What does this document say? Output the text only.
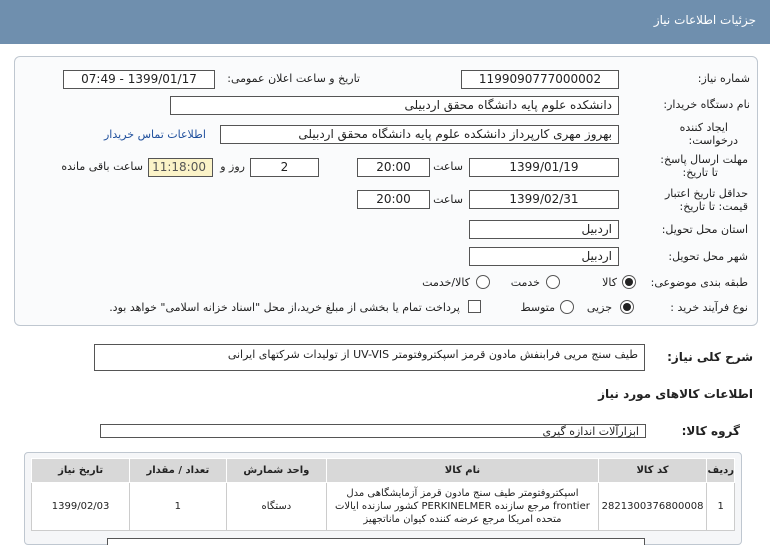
جزئیات اطلاعات نیاز
شماره نیاز:
1199090777000002
تاریخ و ساعت اعلان عمومی:
1399/01/17 - 07:49
نام دستگاه خریدار:
دانشکده علوم پایه دانشگاه محقق اردبیلی
ایجاد کننده
درخواست:
بهروز مهری کارپرداز دانشکده علوم پایه دانشگاه محقق اردبیلی
اطلاعات تماس خریدار
مهلت ارسال پاسخ:
تا تاریخ:
1399/01/19
ساعت
20:00
2
روز و
11:18:00
ساعت باقی مانده
حداقل تاریخ اعتبار
قیمت: تا تاریخ:
1399/02/31
ساعت
20:00
استان محل تحویل:
اردبیل
شهر محل تحویل:
اردبیل
طبقه بندی موضوعی:
کالا
خدمت
کالا/خدمت
نوع فرآیند خرید :
جزیی
متوسط
پرداخت تمام یا بخشی از مبلغ خرید،از محل "اسناد خزانه اسلامی" خواهد بود.
شرح کلی نیاز:
طیف سنج مریی فرابنفش مادون قرمز اسپکتروفتومتر UV-VIS از تولیدات شرکتهای ایرانی
اطلاعات کالاهای مورد نیاز
گروه کالا:
ابزارآلات اندازه گیری
ردیف	کد کالا	نام کالا	واحد شمارش	تعداد / مقدار	تاریخ نیاز
1	2821300376800008	اسپکتروفتومتر طیف سنج مادون قرمز آزمایشگاهی مدل frontier مرجع سازنده PERKINELMER کشور سازنده ایالات متحده امریکا مرجع عرضه کننده کیوان ماناتجهیز	دستگاه	1	1399/02/03
